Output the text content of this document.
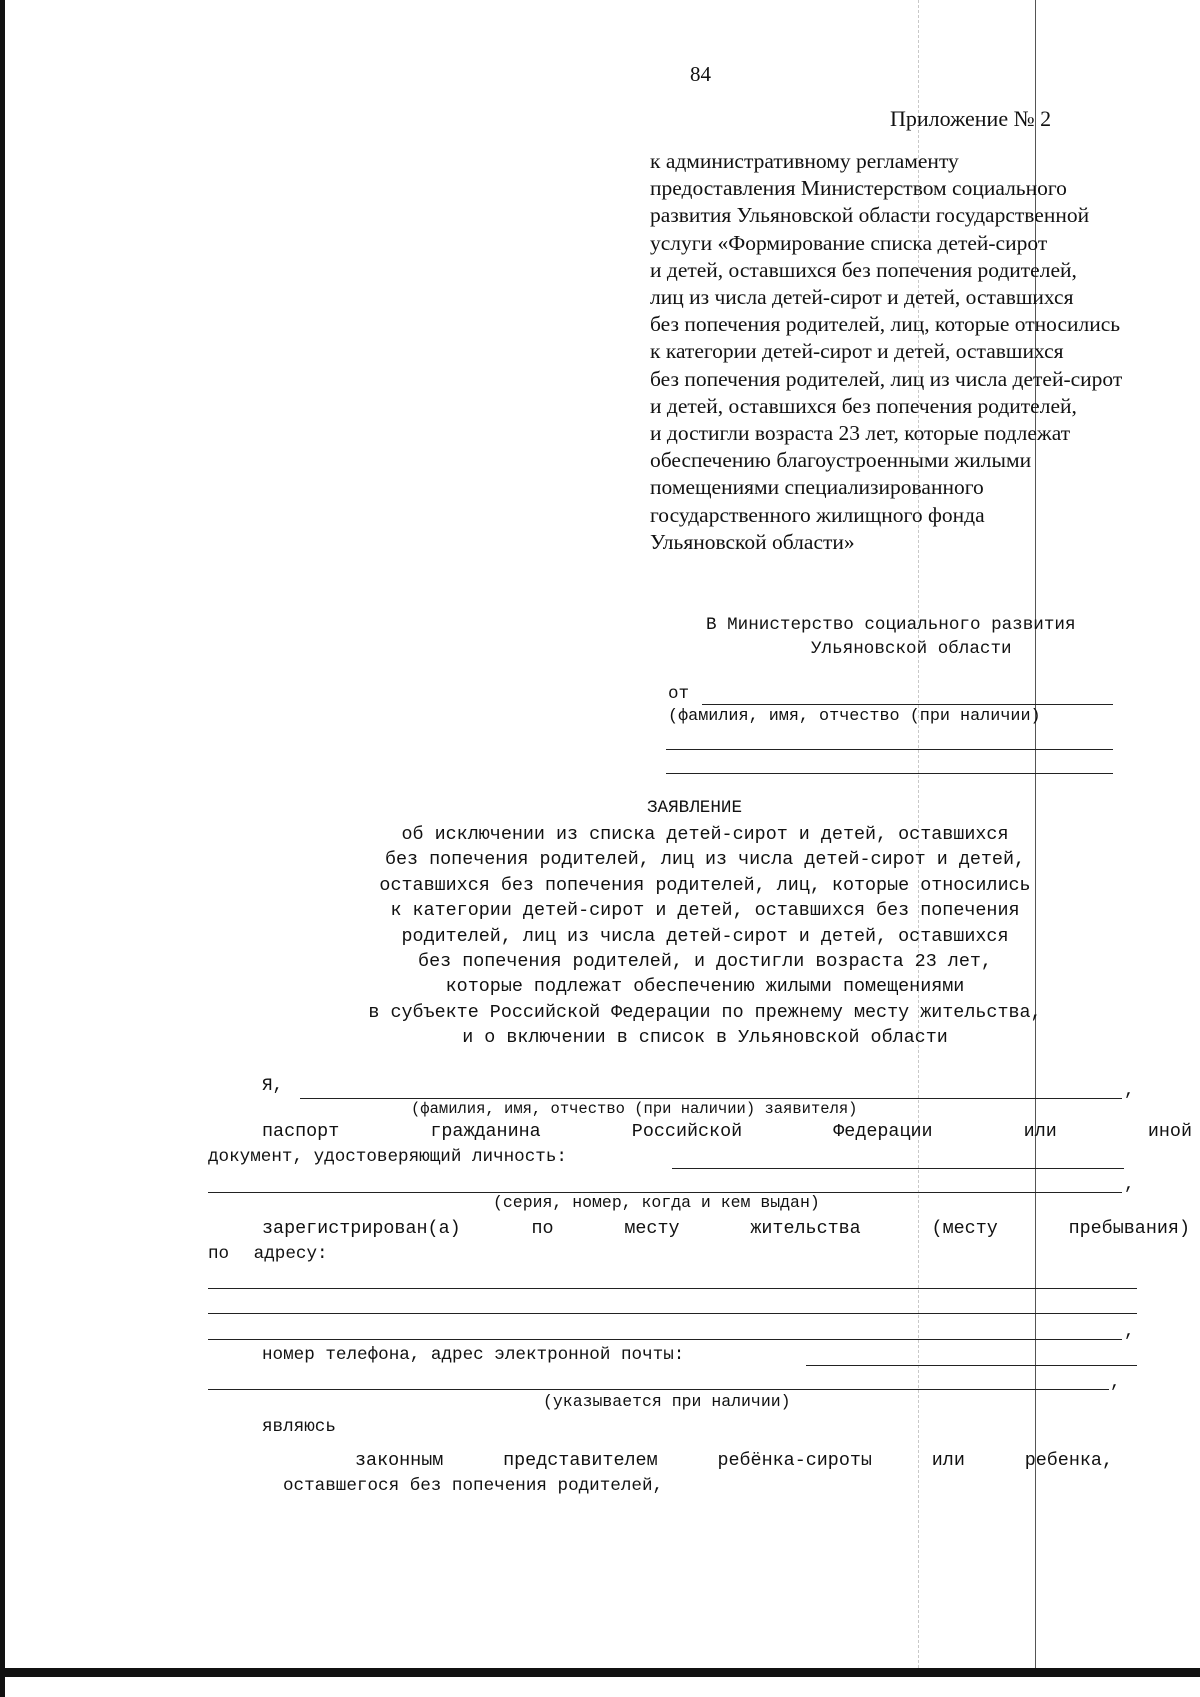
84
Приложение № 2
к административному регламенту
предоставления Министерством социального
развития Ульяновской области государственной
услуги «Формирование списка детей-сирот
и детей, оставшихся без попечения родителей,
лиц из числа детей-сирот и детей, оставшихся
без попечения родителей, лиц, которые относились
к категории детей-сирот и детей, оставшихся
без попечения родителей, лиц из числа детей-сирот
и детей, оставшихся без попечения родителей,
и достигли возраста 23 лет, которые подлежат
обеспечению благоустроенными жилыми
помещениями специализированного
государственного жилищного фонда
Ульяновской области»
В Министерство социального развития
Ульяновской области
от
(фамилия, имя, отчество (при наличии)
ЗАЯВЛЕНИЕ
об исключении из списка детей-сирот и детей, оставшихся
без попечения родителей, лиц из числа детей-сирот и детей,
оставшихся без попечения родителей, лиц, которые относились
к категории детей-сирот и детей, оставшихся без попечения
родителей, лиц из числа детей-сирот и детей, оставшихся
без попечения родителей, и достигли возраста 23 лет,
которые подлежат обеспечению жилыми помещениями
в субъекте Российской Федерации по прежнему месту жительства,
и о включении в список в Ульяновской области
Я,	,
(фамилия, имя, отчество (при наличии) заявителя)
паспорт	гражданина	Российской	Федерации	или	иной
документ, удостоверяющий личность:
,
(серия, номер, когда и кем выдан)
зарегистрирован(а)	по	месту	жительства	(месту	пребывания)
по адресу:
,
номер телефона, адрес электронной почты:
,
(указывается при наличии)
являюсь
законным	представителем	ребёнка-сироты	или	ребенка,
оставшегося без попечения родителей,
